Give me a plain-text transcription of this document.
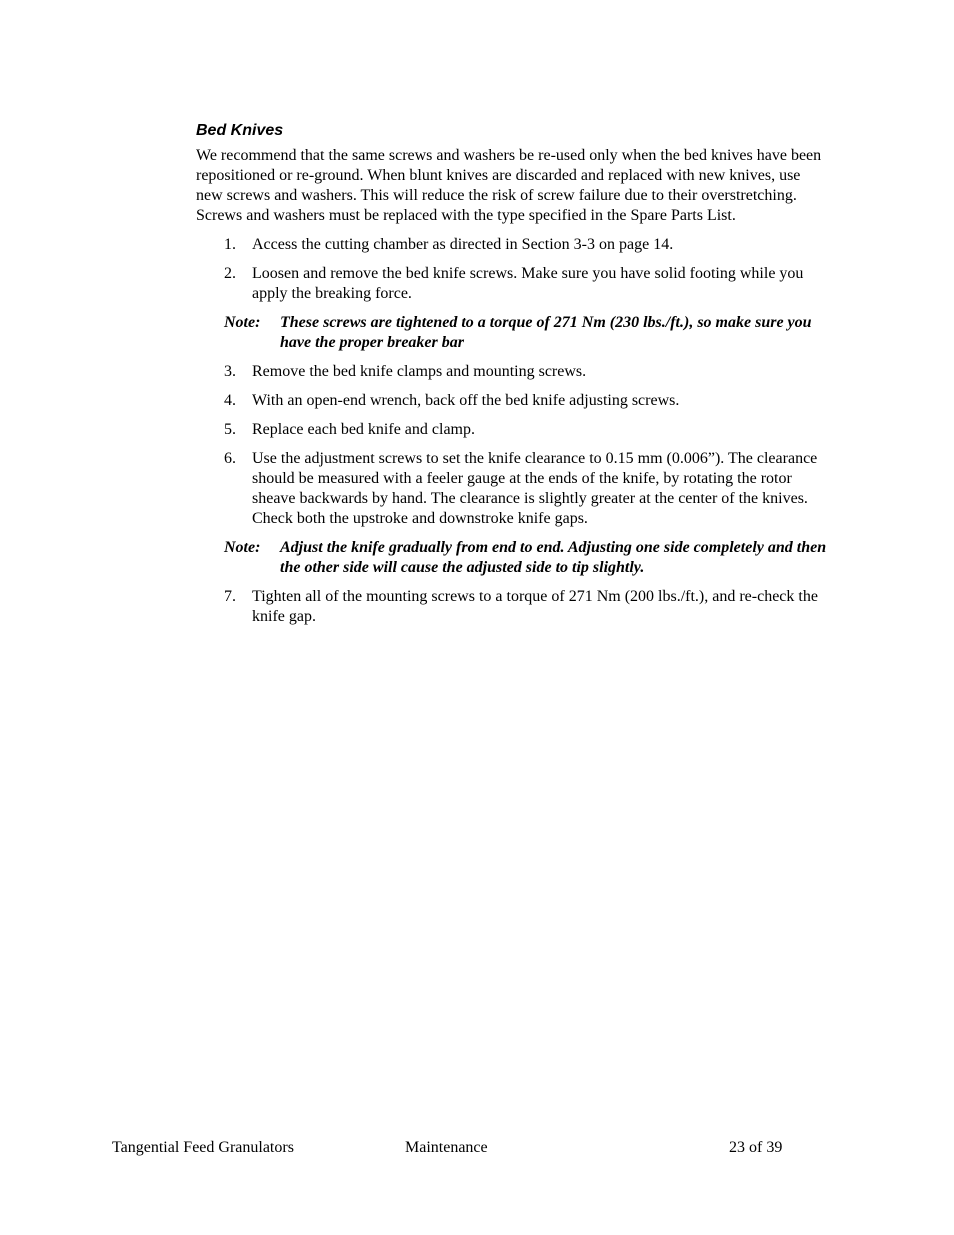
Bed Knives

We recommend that the same screws and washers be re-used only when the bed knives have been repositioned or re-ground. When blunt knives are discarded and replaced with new knives, use new screws and washers. This will reduce the risk of screw failure due to their overstretching. Screws and washers must be replaced with the type specified in the Spare Parts List.

1. Access the cutting chamber as directed in Section 3-3 on page 14.
2. Loosen and remove the bed knife screws. Make sure you have solid footing while you apply the breaking force.
Note: These screws are tightened to a torque of 271 Nm (230 lbs./ft.), so make sure you have the proper breaker bar
3. Remove the bed knife clamps and mounting screws.
4. With an open-end wrench, back off the bed knife adjusting screws.
5. Replace each bed knife and clamp.
6. Use the adjustment screws to set the knife clearance to 0.15 mm (0.006”). The clearance should be measured with a feeler gauge at the ends of the knife, by rotating the rotor sheave backwards by hand. The clearance is slightly greater at the center of the knives. Check both the upstroke and downstroke knife gaps.
Note: Adjust the knife gradually from end to end. Adjusting one side completely and then the other side will cause the adjusted side to tip slightly.
7. Tighten all of the mounting screws to a torque of 271 Nm (200 lbs./ft.), and re-check the knife gap.
Tangential Feed Granulators	Maintenance	23 of 39
